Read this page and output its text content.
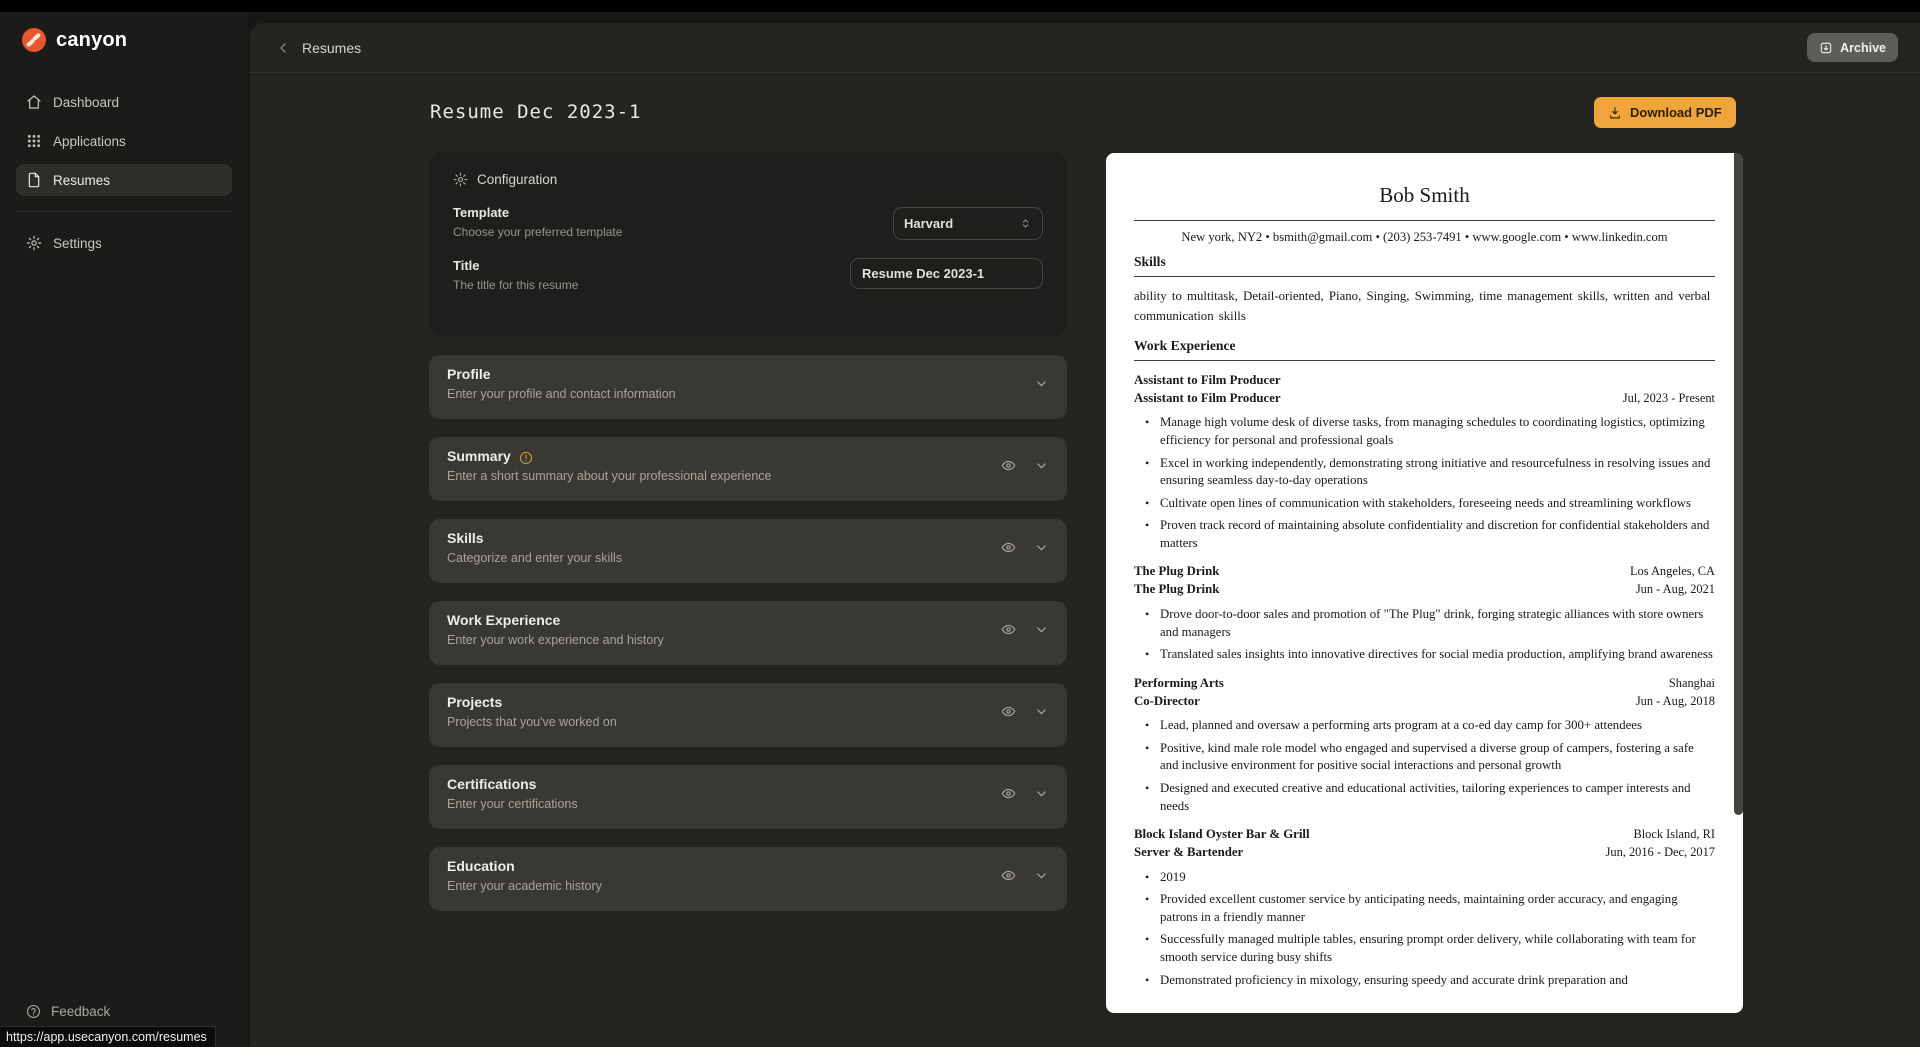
canyon
Dashboard
Applications
Resumes
Settings
Feedback
https://app.usecanyon.com/resumes
Resumes	Archive
Resume Dec 2023-1	Download PDF
Configuration
Template
Choose your preferred template
Harvard
Title
The title for this resume
Resume Dec 2023-1
Profile
Enter your profile and contact information
Summary
Enter a short summary about your professional experience
Skills
Categorize and enter your skills
Work Experience
Enter your work experience and history
Projects
Projects that you've worked on
Certifications
Enter your certifications
Education
Enter your academic history
Bob Smith
New york, NY2 • bsmith@gmail.com • (203) 253-7491 • www.google.com • www.linkedin.com
Skills
ability to multitask, Detail-oriented, Piano, Singing, Swimming, time management skills, written and verbal communication skills
Work Experience
Assistant to Film Producer
Assistant to Film Producer	Jul, 2023 - Present
• Manage high volume desk of diverse tasks, from managing schedules to coordinating logistics, optimizing efficiency for personal and professional goals
• Excel in working independently, demonstrating strong initiative and resourcefulness in resolving issues and ensuring seamless day-to-day operations
• Cultivate open lines of communication with stakeholders, foreseeing needs and streamlining workflows
• Proven track record of maintaining absolute confidentiality and discretion for confidential stakeholders and matters
The Plug Drink	Los Angeles, CA
The Plug Drink	Jun - Aug, 2021
• Drove door-to-door sales and promotion of "The Plug" drink, forging strategic alliances with store owners and managers
• Translated sales insights into innovative directives for social media production, amplifying brand awareness
Performing Arts	Shanghai
Co-Director	Jun - Aug, 2018
• Lead, planned and oversaw a performing arts program at a co-ed day camp for 300+ attendees
• Positive, kind male role model who engaged and supervised a diverse group of campers, fostering a safe and inclusive environment for positive social interactions and personal growth
• Designed and executed creative and educational activities, tailoring experiences to camper interests and needs
Block Island Oyster Bar & Grill	Block Island, RI
Server & Bartender	Jun, 2016 - Dec, 2017
• 2019
• Provided excellent customer service by anticipating needs, maintaining order accuracy, and engaging patrons in a friendly manner
• Successfully managed multiple tables, ensuring prompt order delivery, while collaborating with team for smooth service during busy shifts
• Demonstrated proficiency in mixology, ensuring speedy and accurate drink preparation and
